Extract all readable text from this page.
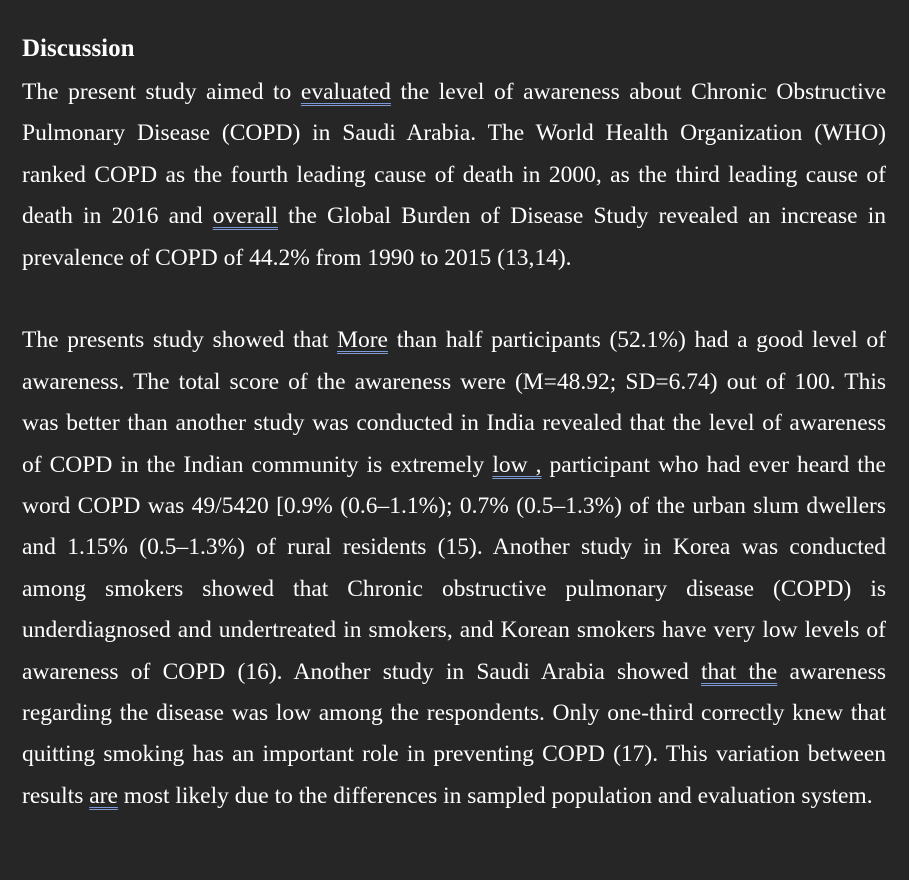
Discussion

The present study aimed to evaluated the level of awareness about Chronic Obstructive Pulmonary Disease (COPD) in Saudi Arabia. The World Health Organization (WHO) ranked COPD as the fourth leading cause of death in 2000, as the third leading cause of death in 2016 and overall the Global Burden of Disease Study revealed an increase in prevalence of COPD of 44.2% from 1990 to 2015 (13,14).

The presents study showed that More than half participants (52.1%) had a good level of awareness. The total score of the awareness were (M=48.92; SD=6.74) out of 100. This was better than another study was conducted in India revealed that the level of awareness of COPD in the Indian community is extremely low , participant who had ever heard the word COPD was 49/5420 [0.9% (0.6–1.1%); 0.7% (0.5–1.3%) of the urban slum dwellers and 1.15% (0.5–1.3%) of rural residents (15). Another study in Korea was conducted among smokers showed that Chronic obstructive pulmonary disease (COPD) is underdiagnosed and undertreated in smokers, and Korean smokers have very low levels of awareness of COPD (16). Another study in Saudi Arabia showed that the awareness regarding the disease was low among the respondents. Only one-third correctly knew that quitting smoking has an important role in preventing COPD (17). This variation between results are most likely due to the differences in sampled population and evaluation system.
